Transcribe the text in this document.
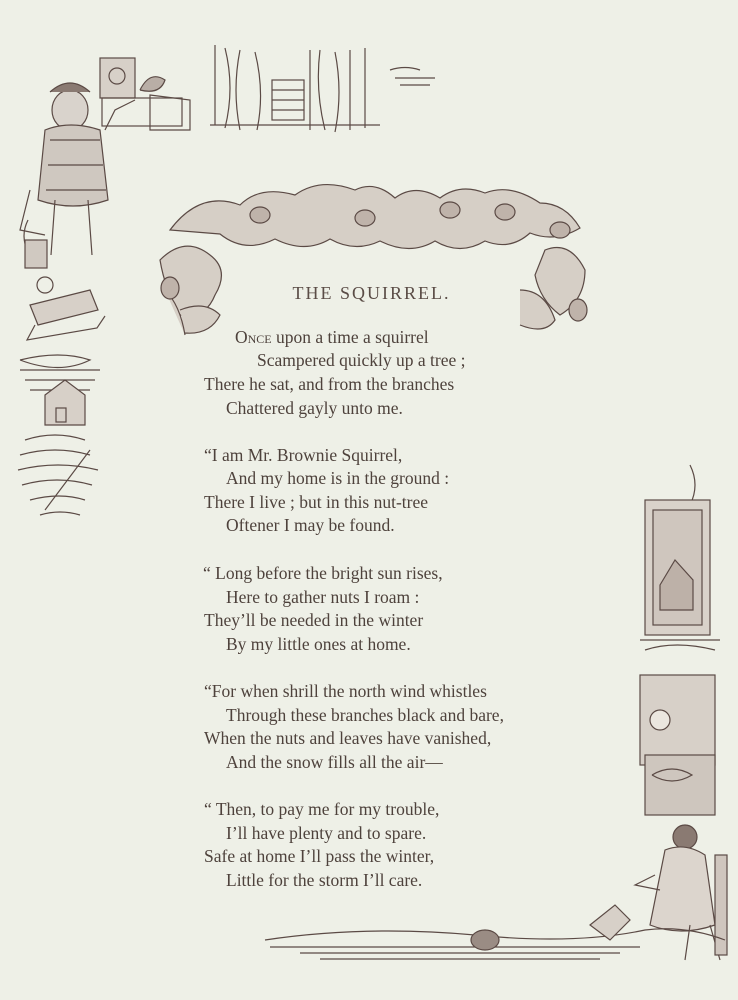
THE SQUIRREL.
Once upon a time a squirrel
Scampered quickly up a tree ;
There he sat, and from the branches
Chattered gayly unto me.
“I am Mr. Brownie Squirrel,
And my home is in the ground :
There I live ; but in this nut-tree
Oftener I may be found.
“ Long before the bright sun rises,
Here to gather nuts I roam :
They’ll be needed in the winter
By my little ones at home.
“For when shrill the north wind whistles
Through these branches black and bare,
When the nuts and leaves have vanished,
And the snow fills all the air—
“ Then, to pay me for my trouble,
I’ll have plenty and to spare.
Safe at home I’ll pass the winter,
Little for the storm I’ll care.
